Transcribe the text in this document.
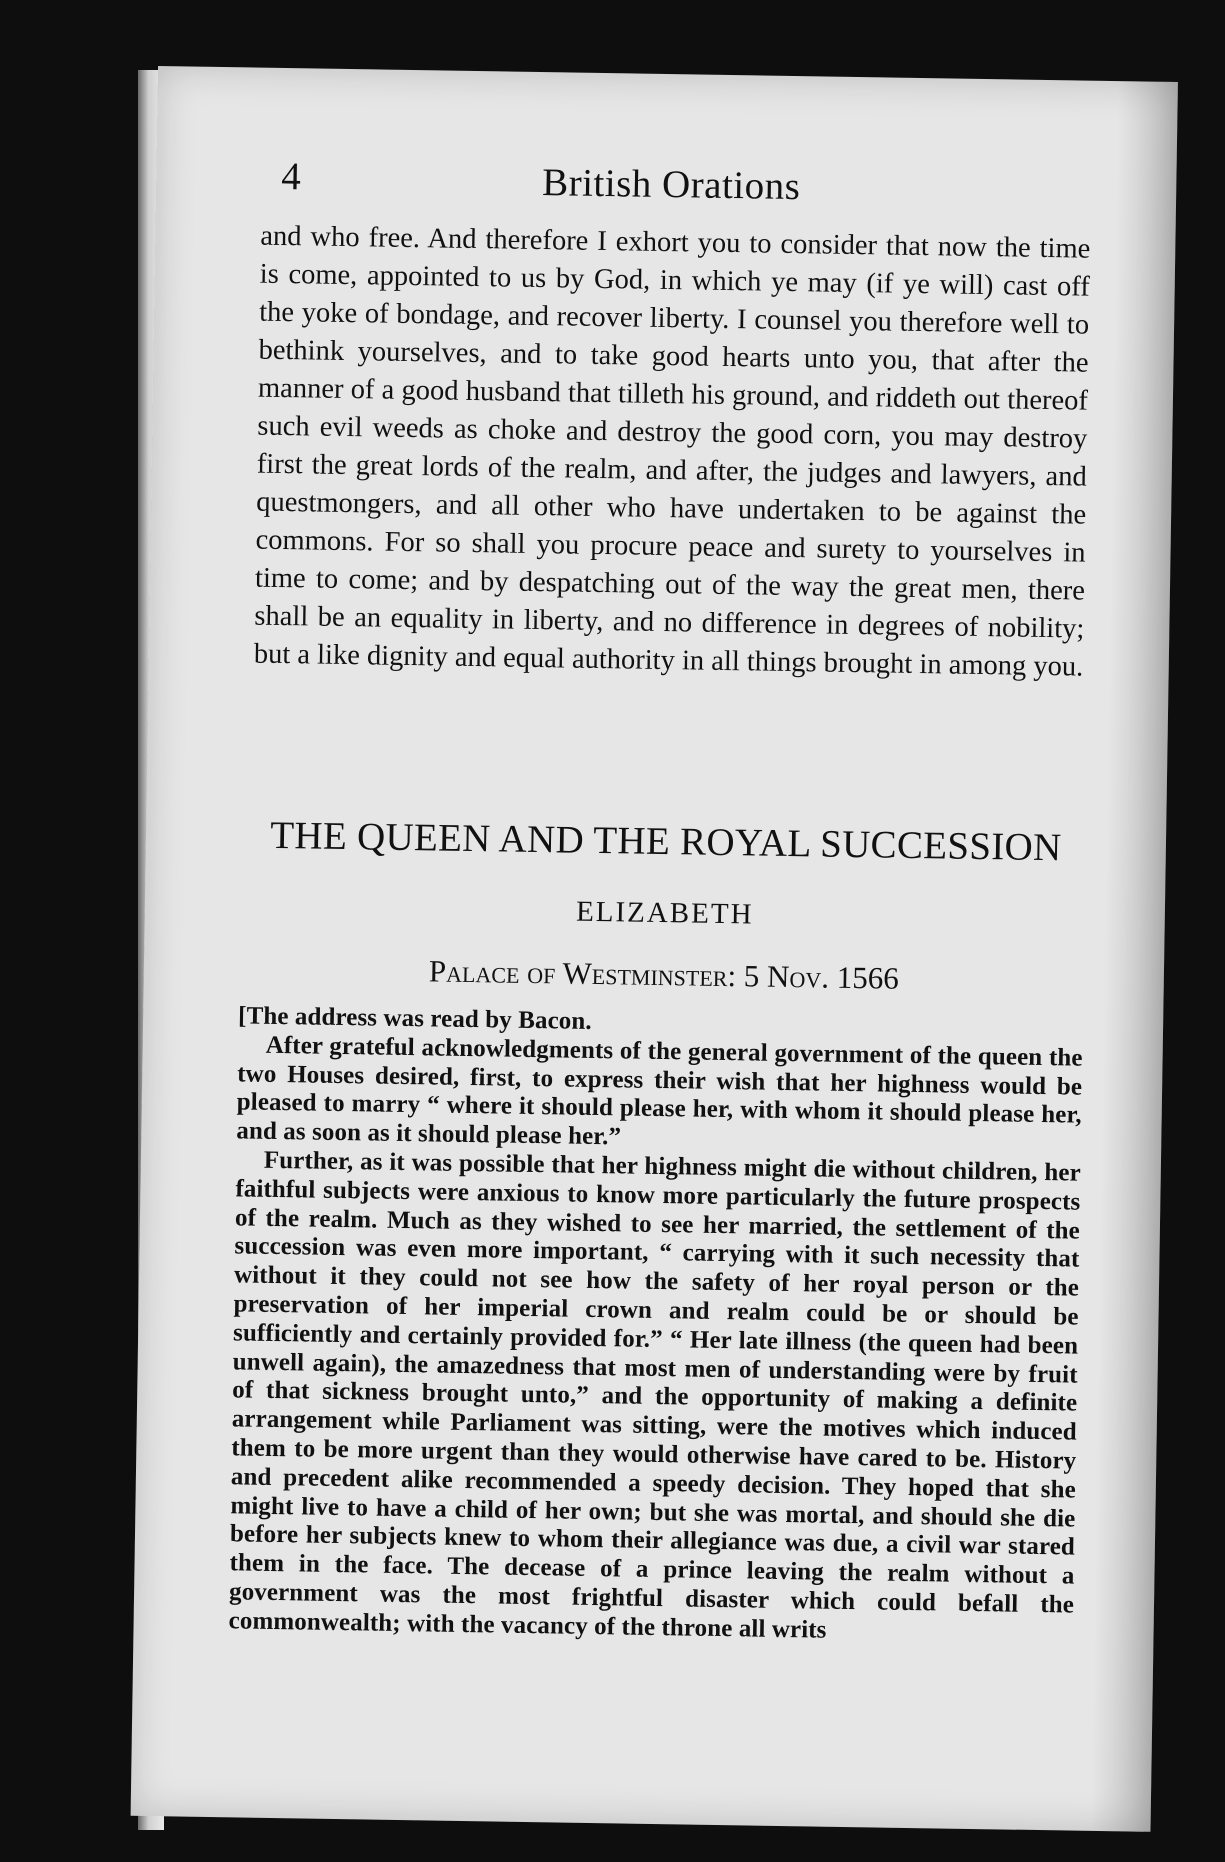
4	British Orations

and who free. And therefore I exhort you to consider that now the time is come, appointed to us by God, in which ye may (if ye will) cast off the yoke of bondage, and recover liberty. I counsel you therefore well to bethink yourselves, and to take good hearts unto you, that after the manner of a good husband that tilleth his ground, and riddeth out thereof such evil weeds as choke and destroy the good corn, you may destroy first the great lords of the realm, and after, the judges and lawyers, and questmongers, and all other who have undertaken to be against the commons. For so shall you procure peace and surety to yourselves in time to come; and by despatching out of the way the great men, there shall be an equality in liberty, and no difference in degrees of nobility; but a like dignity and equal authority in all things brought in among you.

THE QUEEN AND THE ROYAL SUCCESSION
ELIZABETH
Palace of Westminster: 5 Nov. 1566

[The address was read by Bacon.

After grateful acknowledgments of the general government of the queen the two Houses desired, first, to express their wish that her highness would be pleased to marry “ where it should please her, with whom it should please her, and as soon as it should please her.”

Further, as it was possible that her highness might die without children, her faithful subjects were anxious to know more particularly the future prospects of the realm. Much as they wished to see her married, the settlement of the succession was even more important, “ carrying with it such necessity that without it they could not see how the safety of her royal person or the preservation of her imperial crown and realm could be or should be sufficiently and certainly provided for.” “ Her late illness (the queen had been unwell again), the amazedness that most men of understanding were by fruit of that sickness brought unto,” and the opportunity of making a definite arrangement while Parliament was sitting, were the motives which induced them to be more urgent than they would otherwise have cared to be. History and precedent alike recommended a speedy decision. They hoped that she might live to have a child of her own; but she was mortal, and should she die before her subjects knew to whom their allegiance was due, a civil war stared them in the face. The decease of a prince leaving the realm without a government was the most frightful disaster which could befall the commonwealth; with the vacancy of the throne all writs
